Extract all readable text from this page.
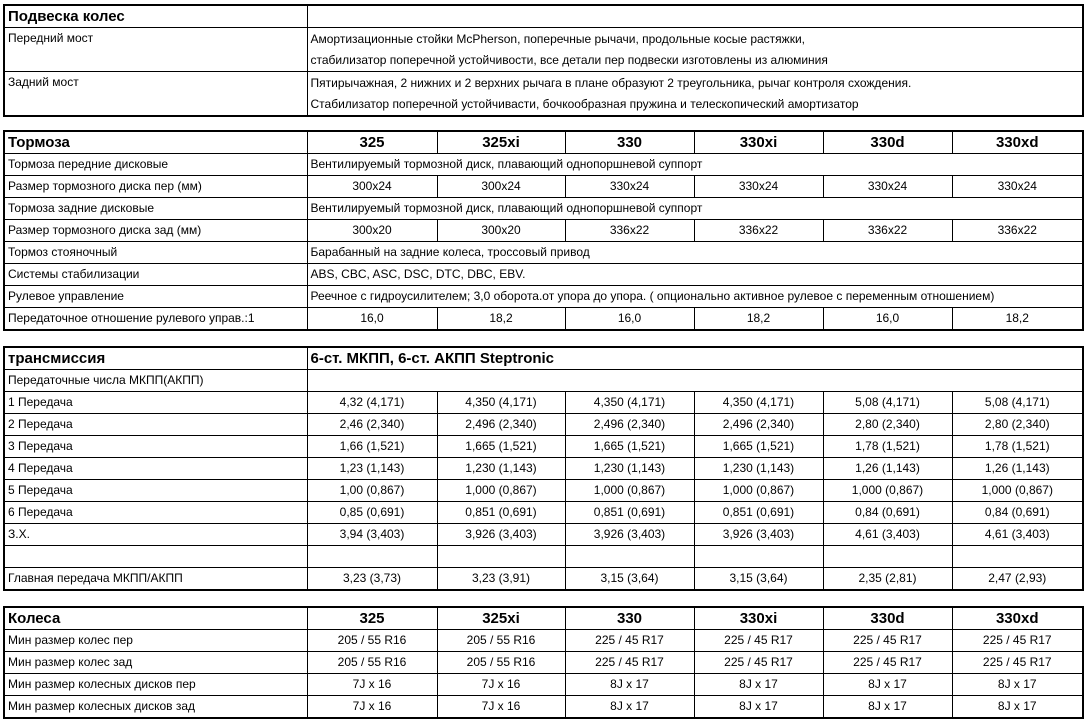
Подвеска колес	
Передний мост	Амортизационные стойки McPherson, поперечные рычачи, продольные косые растяжки,
стабилизатор поперечной устойчивости, все детали пер подвески изготовлены из алюминия

Задний мост	Пятирычажная, 2 нижних и 2 верхних рычага в плане образуют 2 треугольника, рычаг контроля схождения.
Стабилизатор поперечной устойчивасти, бочкообразная пружина и телескопический амортизатор
Тормоза	325	325xi	330	330xi	330d	330xd
Тормоза передние дисковые	Вентилируемый тормозной диск, плавающий однопоршневой суппорт					
Размер тормозного диска пер (мм)	300x24	300x24	330x24	330x24	330x24	330x24
Тормоза задние дисковые	Вентилируемый тормозной диск, плавающий однопоршневой суппорт					
Размер тормозного диска зад (мм)	300x20	300x20	336x22	336x22	336x22	336x22
Тормоз стояночный	Барабанный на задние колеса, троссовый привод					
Системы стабилизации	ABS, CBC, ASC, DSC, DTC, DBC, EBV.					
Рулевое управление	Реечное с гидроусилителем; 3,0 оборота.от упора до упора. ( опционально активное рулевое с переменным отношением)					
Передаточное отношение рулевого управ.:1	16,0	18,2	16,0	18,2	16,0	18,2
трансмиссия	6-ст. МКПП, 6-ст. АКПП Steptronic					
Передаточные числа МКПП(АКПП)						
1 Передача	4,32 (4,171)	4,350 (4,171)	4,350 (4,171)	4,350 (4,171)	5,08 (4,171)	5,08 (4,171)
2 Передача	2,46 (2,340)	2,496 (2,340)	2,496 (2,340)	2,496 (2,340)	2,80 (2,340)	2,80 (2,340)
3 Передача	1,66 (1,521)	1,665 (1,521)	1,665 (1,521)	1,665 (1,521)	1,78 (1,521)	1,78 (1,521)
4 Передача	1,23 (1,143)	1,230 (1,143)	1,230 (1,143)	1,230 (1,143)	1,26 (1,143)	1,26 (1,143)
5 Передача	1,00 (0,867)	1,000 (0,867)	1,000 (0,867)	1,000 (0,867)	1,000 (0,867)	1,000 (0,867)
6 Передача	0,85 (0,691)	0,851 (0,691)	0,851 (0,691)	0,851 (0,691)	0,84 (0,691)	0,84 (0,691)
З.Х.	3,94 (3,403)	3,926 (3,403)	3,926 (3,403)	3,926 (3,403)	4,61 (3,403)	4,61 (3,403)

Главная передача МКПП/АКПП	3,23 (3,73)	3,23 (3,91)	3,15 (3,64)	3,15 (3,64)	2,35 (2,81)	2,47 (2,93)
Колеса	325	325xi	330	330xi	330d	330xd
Мин размер колес пер	205 / 55 R16	205 / 55 R16	225 / 45 R17	225 / 45 R17	225 / 45 R17	225 / 45 R17
Мин размер колес зад	205 / 55 R16	205 / 55 R16	225 / 45 R17	225 / 45 R17	225 / 45 R17	225 / 45 R17
Мин размер колесных дисков пер	7J x 16	7J x 16	8J x 17	8J x 17	8J x 17	8J x 17
Мин размер колесных дисков зад	7J x 16	7J x 16	8J x 17	8J x 17	8J x 17	8J x 17
